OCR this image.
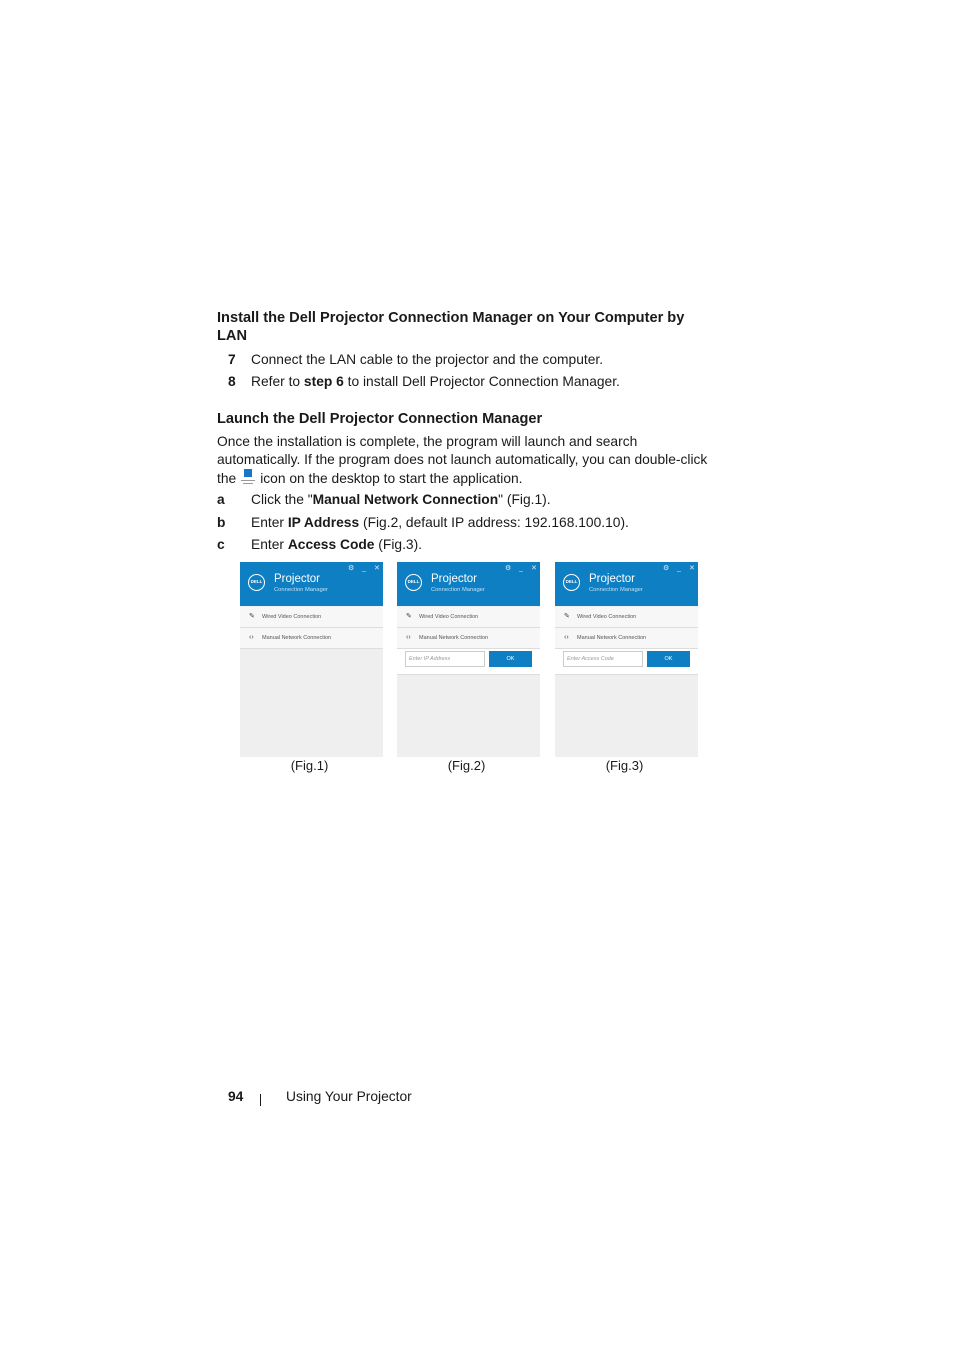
Install the Dell Projector Connection Manager on Your Computer by LAN
7 Connect the LAN cable to the projector and the computer.
8 Refer to step 6 to install Dell Projector Connection Manager.
Launch the Dell Projector Connection Manager

Once the installation is complete, the program will launch and search automatically. If the program does not launch automatically, you can double-click the icon on the desktop to start the application.

a Click the "Manual Network Connection" (Fig.1).
b Enter IP Address (Fig.2, default IP address: 192.168.100.10).
c Enter Access Code (Fig.3).
DELL Projector
Connection Manager
⚙ _ ✕
✎ Wired Video Connection
‹› Manual Network Connection
DELL Projector
Connection Manager
⚙ _ ✕
✎ Wired Video Connection
‹› Manual Network Connection
Enter IP Address	OK
DELL Projector
Connection Manager
⚙ _ ✕
✎ Wired Video Connection
‹› Manual Network Connection
Enter Access Code	OK
(Fig.1)	(Fig.2)	(Fig.3)
94	Using Your Projector
